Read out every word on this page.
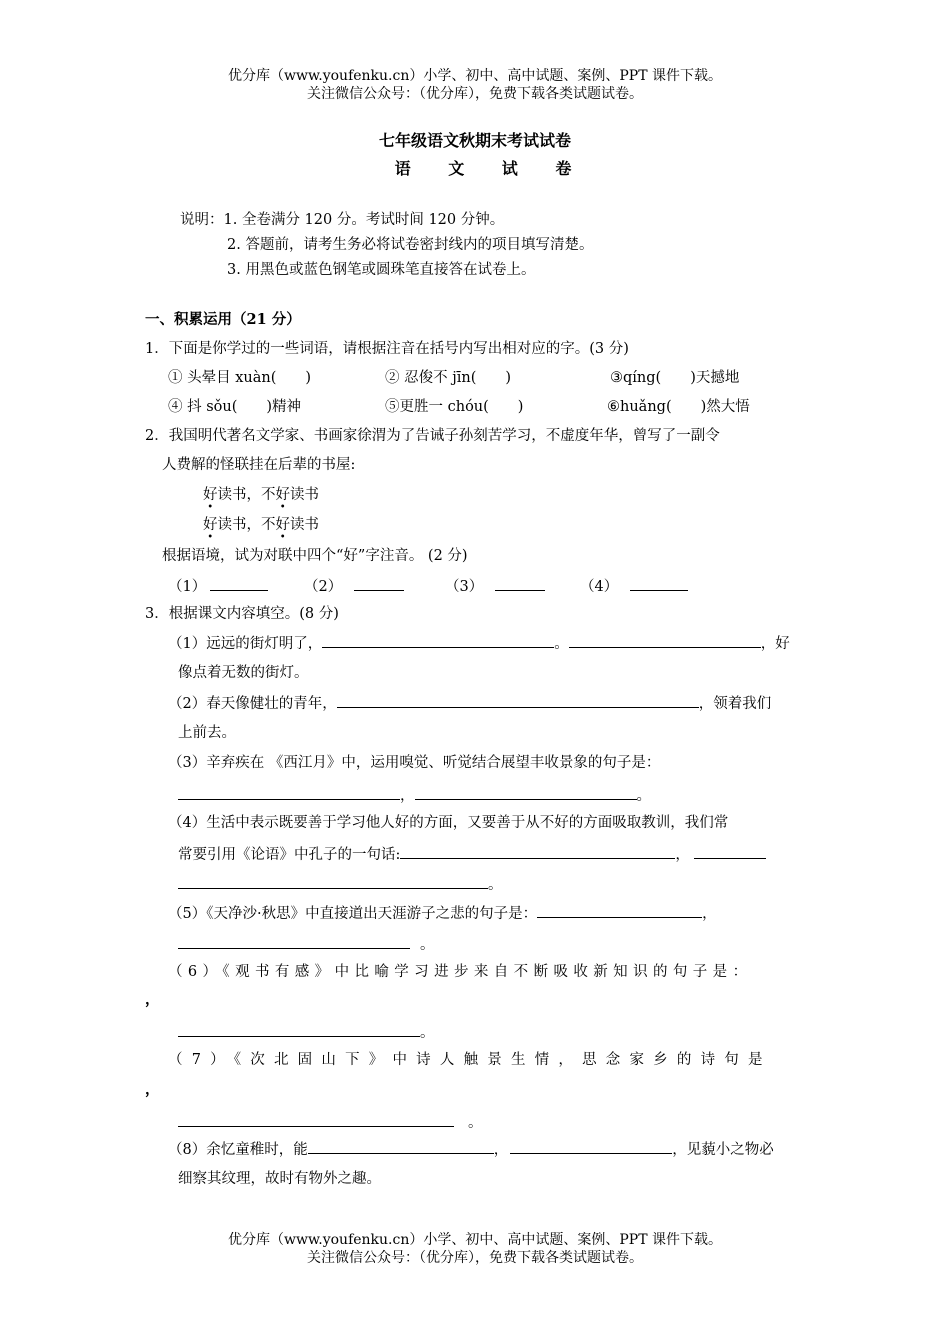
优分库（www.youfenku.cn）小学、初中、高中试题、案例、PPT 课件下载。
关注微信公众号：（优分库），免费下载各类试题试卷。
七年级语文秋期末考试试卷
语 文 试 卷
说明：1. 全卷满分 120 分。考试时间 120 分钟。
2. 答题前，请考生务必将试卷密封线内的项目填写清楚。
3. 用黑色或蓝色钢笔或圆珠笔直接答在试卷上。
一、积累运用（21 分）
1．下面是你学过的一些词语，请根据注音在括号内写出相对应的字。(3 分)
① 头晕目 xuàn(　　)	② 忍俊不 jīn(　　)	③qíng(　　)天撼地
④ 抖 sǒu(　　)精神	⑤更胜一 chóu(　　)	⑥huǎng(　　)然大悟
2．我国明代著名文学家、书画家徐渭为了告诫子孙刻苦学习，不虚度年华，曾写了一副令
人费解的怪联挂在后辈的书屋:
好读书，不好读书
好读书，不好读书
根据语境，试为对联中四个“好”字注音。 (2 分)
（1）	（2）	（3）	（4）
3．根据课文内容填空。(8 分)
（1）远远的街灯明了，	。	，好
像点着无数的街灯。
（2）春天像健壮的青年，	，领着我们
上前去。
（3）辛弃疾在 《西江月》中，运用嗅觉、听觉结合展望丰收景象的句子是：
，	。
（4）生活中表示既要善于学习他人好的方面，又要善于从不好的方面吸取教训，我们常
常要引用《论语》中孔子的一句话:	，
。
（5）《天净沙·秋思》中直接道出天涯游子之悲的句子是：	，
。
（6）《观书有感》中比喻学习进步来自不断吸收新知识的句子是：
，
。
（7）《次北固山下》中诗人触景生情，思念家乡的诗句是
，
。
（8）余忆童稚时，能	，	，见藐小之物必
细察其纹理，故时有物外之趣。
优分库（www.youfenku.cn）小学、初中、高中试题、案例、PPT 课件下载。
关注微信公众号：（优分库），免费下载各类试题试卷。
